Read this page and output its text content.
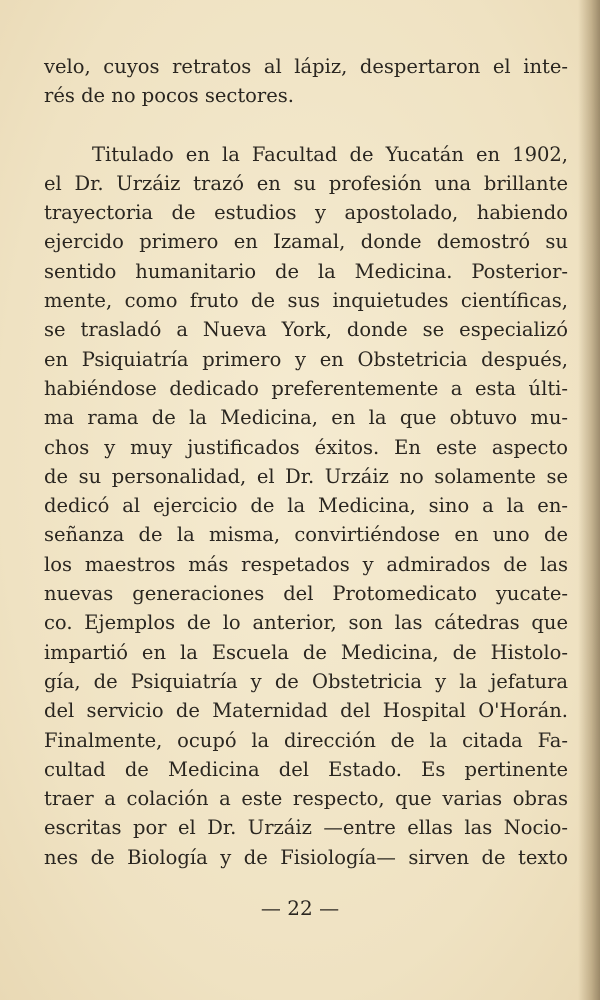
velo, cuyos retratos al lápiz, despertaron el inte-
rés de no pocos sectores.
Titulado en la Facultad de Yucatán en 1902,
el Dr. Urzáiz trazó en su profesión una brillante
trayectoria de estudios y apostolado, habiendo
ejercido primero en Izamal, donde demostró su
sentido humanitario de la Medicina. Posterior-
mente, como fruto de sus inquietudes científicas,
se trasladó a Nueva York, donde se especializó
en Psiquiatría primero y en Obstetricia después,
habiéndose dedicado preferentemente a esta últi-
ma rama de la Medicina, en la que obtuvo mu-
chos y muy justificados éxitos. En este aspecto
de su personalidad, el Dr. Urzáiz no solamente se
dedicó al ejercicio de la Medicina, sino a la en-
señanza de la misma, convirtiéndose en uno de
los maestros más respetados y admirados de las
nuevas generaciones del Protomedicato yucate-
co. Ejemplos de lo anterior, son las cátedras que
impartió en la Escuela de Medicina, de Histolo-
gía, de Psiquiatría y de Obstetricia y la jefatura
del servicio de Maternidad del Hospital O'Horán.
Finalmente, ocupó la dirección de la citada Fa-
cultad de Medicina del Estado. Es pertinente
traer a colación a este respecto, que varias obras
escritas por el Dr. Urzáiz —entre ellas las Nocio-
nes de Biología y de Fisiología— sirven de texto
— 22 —
